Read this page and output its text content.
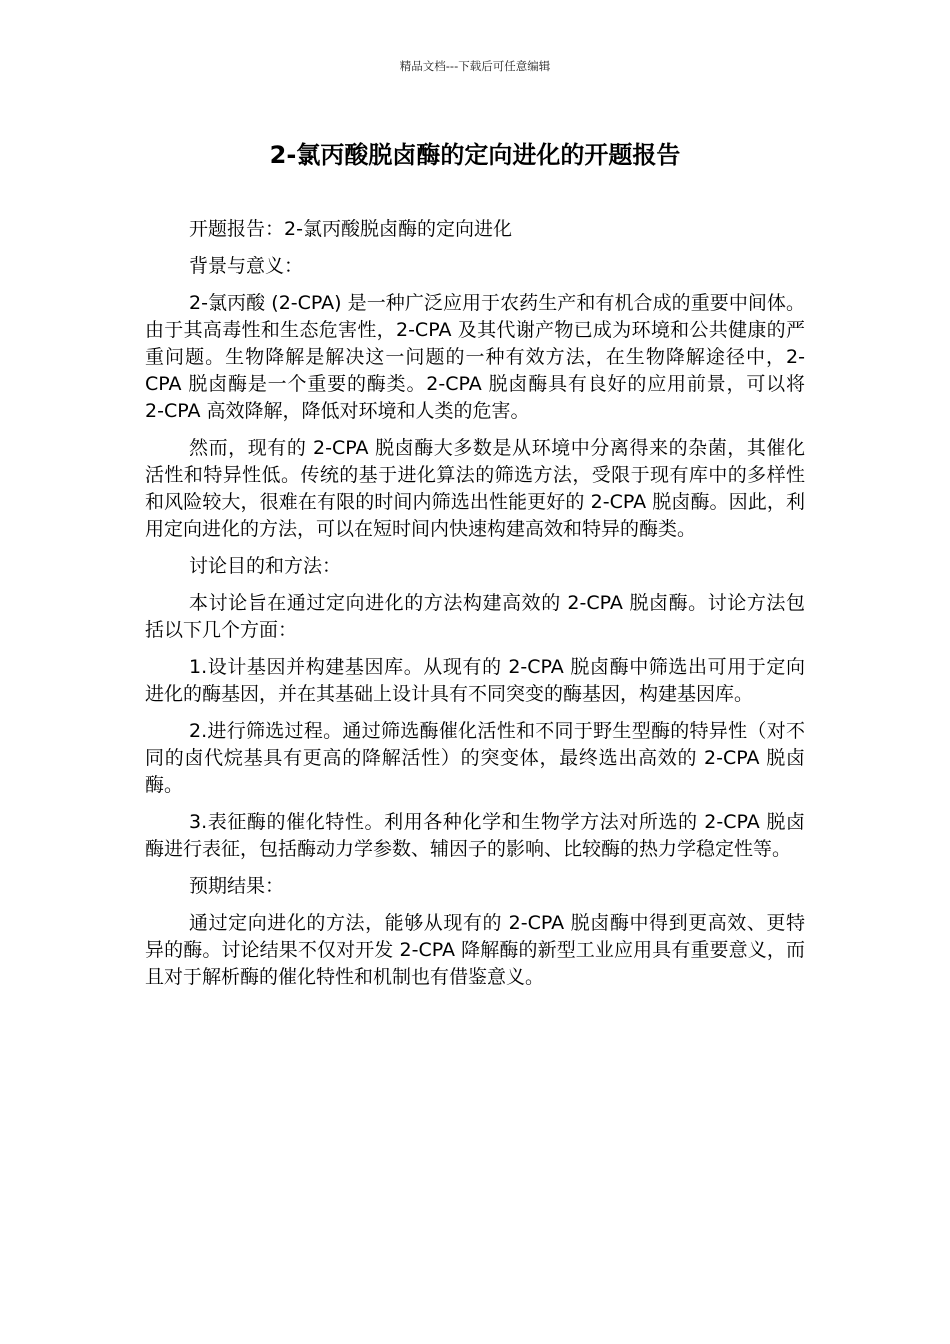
精品文档---下载后可任意编辑
2-氯丙酸脱卤酶的定向进化的开题报告

开题报告：2-氯丙酸脱卤酶的定向进化

背景与意义：

2-氯丙酸 (2-CPA) 是一种广泛应用于农药生产和有机合成的重要中间体。由于其高毒性和生态危害性，2-CPA 及其代谢产物已成为环境和公共健康的严重问题。生物降解是解决这一问题的一种有效方法，在生物降解途径中，2-CPA 脱卤酶是一个重要的酶类。2-CPA 脱卤酶具有良好的应用前景，可以将 2-CPA 高效降解，降低对环境和人类的危害。

然而，现有的 2-CPA 脱卤酶大多数是从环境中分离得来的杂菌，其催化活性和特异性低。传统的基于进化算法的筛选方法，受限于现有库中的多样性和风险较大，很难在有限的时间内筛选出性能更好的 2-CPA 脱卤酶。因此，利用定向进化的方法，可以在短时间内快速构建高效和特异的酶类。

讨论目的和方法：

本讨论旨在通过定向进化的方法构建高效的 2-CPA 脱卤酶。讨论方法包括以下几个方面：

1.设计基因并构建基因库。从现有的 2-CPA 脱卤酶中筛选出可用于定向进化的酶基因，并在其基础上设计具有不同突变的酶基因，构建基因库。

2.进行筛选过程。通过筛选酶催化活性和不同于野生型酶的特异性（对不同的卤代烷基具有更高的降解活性）的突变体，最终选出高效的 2-CPA 脱卤酶。

3.表征酶的催化特性。利用各种化学和生物学方法对所选的 2-CPA 脱卤酶进行表征，包括酶动力学参数、辅因子的影响、比较酶的热力学稳定性等。

预期结果：

通过定向进化的方法，能够从现有的 2-CPA 脱卤酶中得到更高效、更特异的酶。讨论结果不仅对开发 2-CPA 降解酶的新型工业应用具有重要意义，而且对于解析酶的催化特性和机制也有借鉴意义。
